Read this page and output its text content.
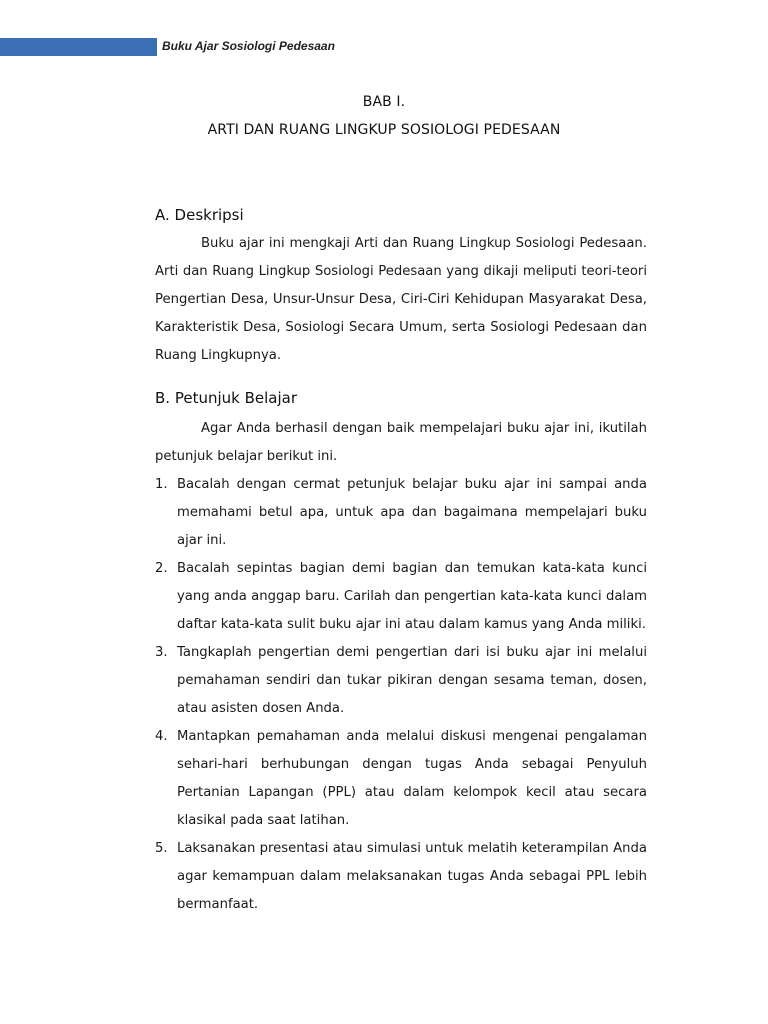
Buku Ajar Sosiologi Pedesaan
BAB I.
ARTI DAN RUANG LINGKUP SOSIOLOGI PEDESAAN
A. Deskripsi

Buku ajar ini mengkaji Arti dan Ruang Lingkup Sosiologi Pedesaan. Arti dan Ruang Lingkup Sosiologi Pedesaan yang dikaji meliputi teori-teori Pengertian Desa, Unsur-Unsur Desa, Ciri-Ciri Kehidupan Masyarakat Desa, Karakteristik Desa, Sosiologi Secara Umum, serta Sosiologi Pedesaan dan Ruang Lingkupnya.

B. Petunjuk Belajar

Agar Anda berhasil dengan baik mempelajari buku ajar ini, ikutilah petunjuk belajar berikut ini.

1. Bacalah dengan cermat petunjuk belajar buku ajar ini sampai anda memahami betul apa, untuk apa dan bagaimana mempelajari buku ajar ini.
2. Bacalah sepintas bagian demi bagian dan temukan kata-kata kunci yang anda anggap baru. Carilah dan pengertian kata-kata kunci dalam daftar kata-kata sulit buku ajar ini atau dalam kamus yang Anda miliki.
3. Tangkaplah pengertian demi pengertian dari isi buku ajar ini melalui pemahaman sendiri dan tukar pikiran dengan sesama teman, dosen, atau asisten dosen Anda.
4. Mantapkan pemahaman anda melalui diskusi mengenai pengalaman sehari-hari berhubungan dengan tugas Anda sebagai Penyuluh Pertanian Lapangan (PPL) atau dalam kelompok kecil atau secara klasikal pada saat latihan.
5. Laksanakan presentasi atau simulasi untuk melatih keterampilan Anda agar kemampuan dalam melaksanakan tugas Anda sebagai PPL lebih bermanfaat.
